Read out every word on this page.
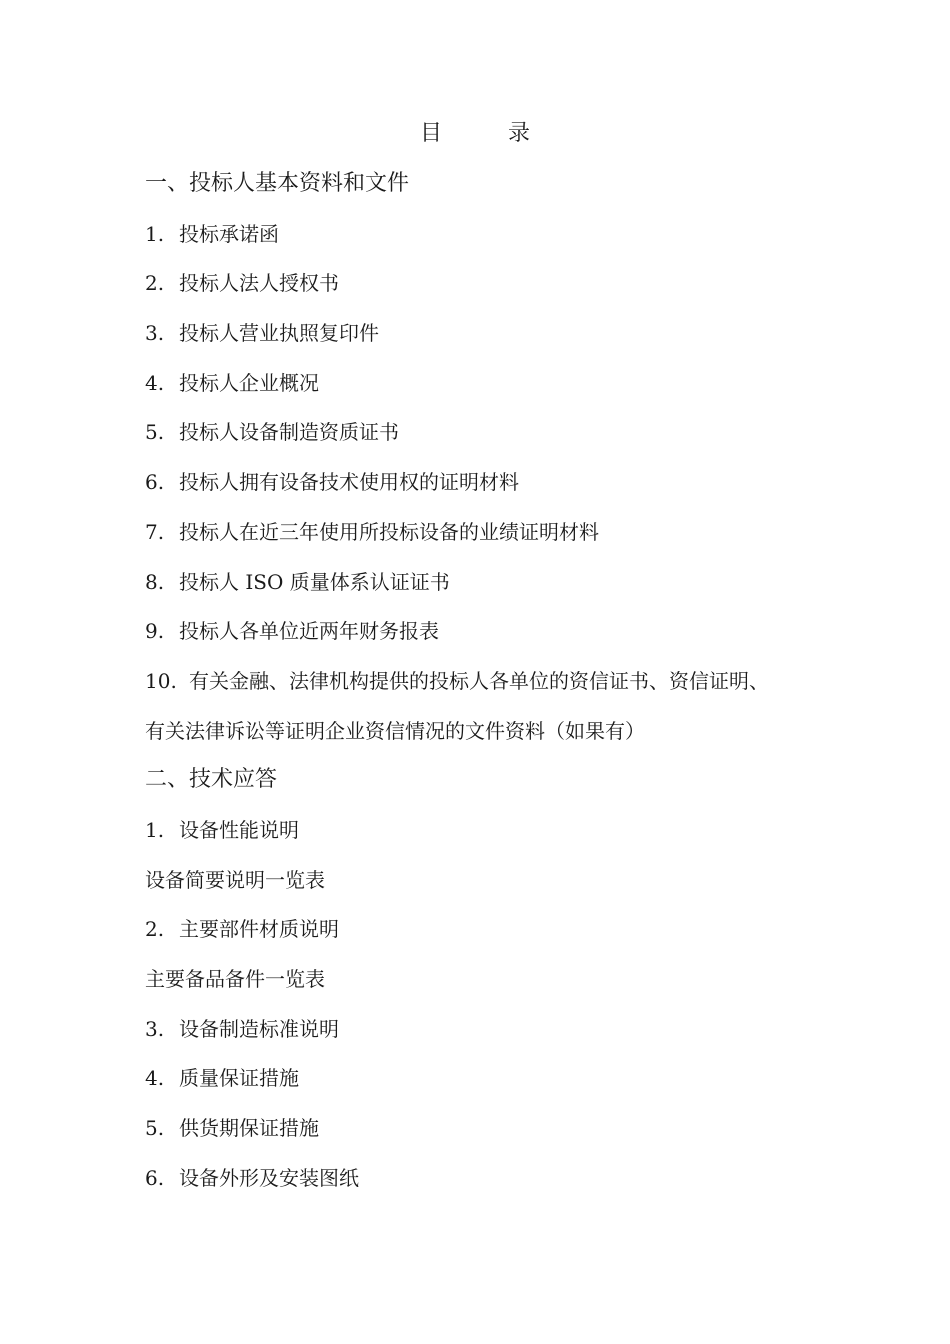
目　录
一、投标人基本资料和文件
1. 投标承诺函
2. 投标人法人授权书
3. 投标人营业执照复印件
4. 投标人企业概况
5. 投标人设备制造资质证书
6. 投标人拥有设备技术使用权的证明材料
7. 投标人在近三年使用所投标设备的业绩证明材料
8. 投标人 ISO 质量体系认证证书
9. 投标人各单位近两年财务报表
10. 有关金融、法律机构提供的投标人各单位的资信证书、资信证明、
有关法律诉讼等证明企业资信情况的文件资料（如果有）
二、技术应答
1. 设备性能说明
设备简要说明一览表
2. 主要部件材质说明
主要备品备件一览表
3. 设备制造标准说明
4. 质量保证措施
5. 供货期保证措施
6. 设备外形及安装图纸
